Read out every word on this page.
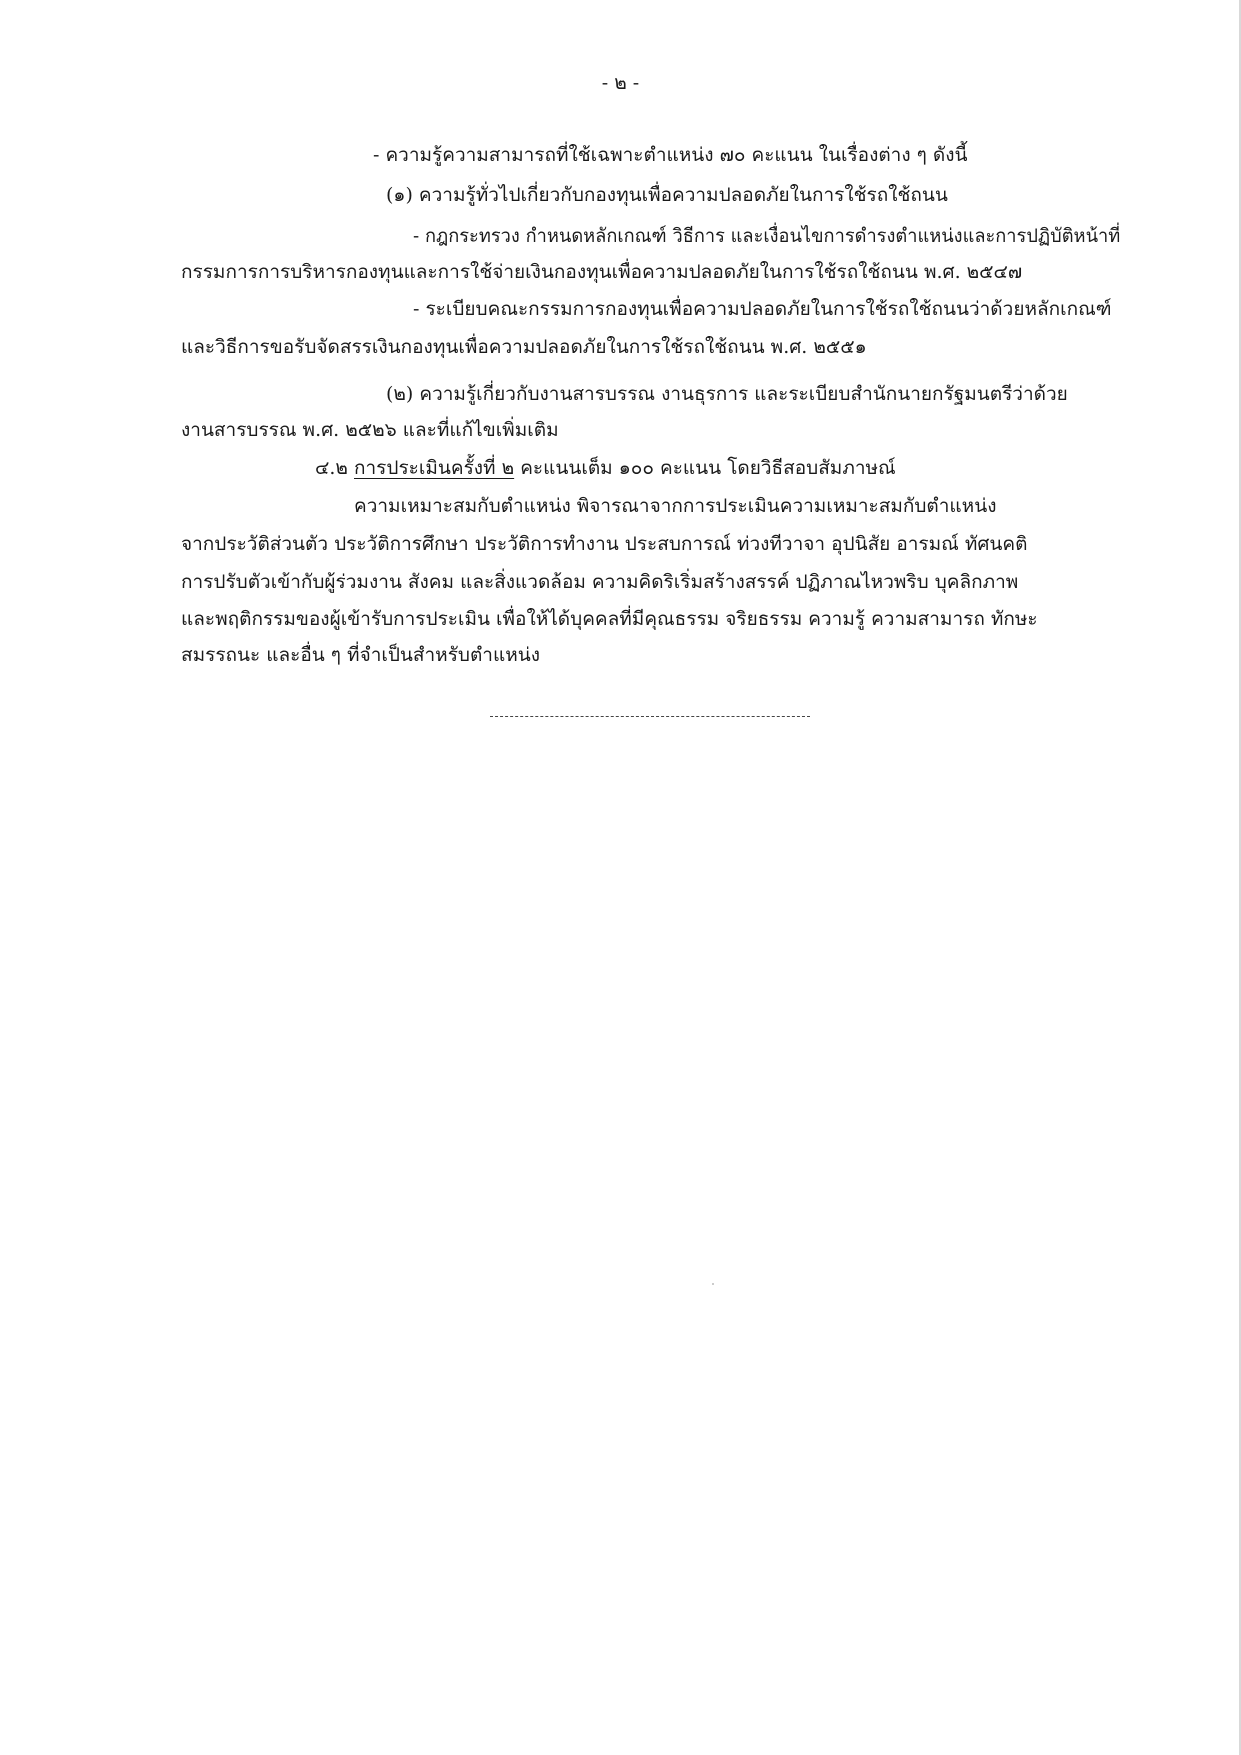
- ๒ -
- ความรู้ความสามารถที่ใช้เฉพาะตำแหน่ง ๗๐ คะแนน ในเรื่องต่าง ๆ ดังนี้
(๑) ความรู้ทั่วไปเกี่ยวกับกองทุนเพื่อความปลอดภัยในการใช้รถใช้ถนน
- กฎกระทรวง กำหนดหลักเกณฑ์ วิธีการ และเงื่อนไขการดำรงตำแหน่งและการปฏิบัติหน้าที่
กรรมการการบริหารกองทุนและการใช้จ่ายเงินกองทุนเพื่อความปลอดภัยในการใช้รถใช้ถนน พ.ศ. ๒๕๔๗
- ระเบียบคณะกรรมการกองทุนเพื่อความปลอดภัยในการใช้รถใช้ถนนว่าด้วยหลักเกณฑ์
และวิธีการขอรับจัดสรรเงินกองทุนเพื่อความปลอดภัยในการใช้รถใช้ถนน พ.ศ. ๒๕๕๑
(๒) ความรู้เกี่ยวกับงานสารบรรณ งานธุรการ และระเบียบสำนักนายกรัฐมนตรีว่าด้วย
งานสารบรรณ พ.ศ. ๒๕๒๖ และที่แก้ไขเพิ่มเติม
๔.๒ การประเมินครั้งที่ ๒ คะแนนเต็ม ๑๐๐ คะแนน โดยวิธีสอบสัมภาษณ์
ความเหมาะสมกับตำแหน่ง พิจารณาจากการประเมินความเหมาะสมกับตำแหน่ง
จากประวัติส่วนตัว ประวัติการศึกษา ประวัติการทำงาน ประสบการณ์ ท่วงทีวาจา อุปนิสัย อารมณ์ ทัศนคติ
การปรับตัวเข้ากับผู้ร่วมงาน สังคม และสิ่งแวดล้อม ความคิดริเริ่มสร้างสรรค์ ปฏิภาณไหวพริบ บุคลิกภาพ
และพฤติกรรมของผู้เข้ารับการประเมิน เพื่อให้ได้บุคคลที่มีคุณธรรม จริยธรรม ความรู้ ความสามารถ ทักษะ
สมรรถนะ และอื่น ๆ ที่จำเป็นสำหรับตำแหน่ง
